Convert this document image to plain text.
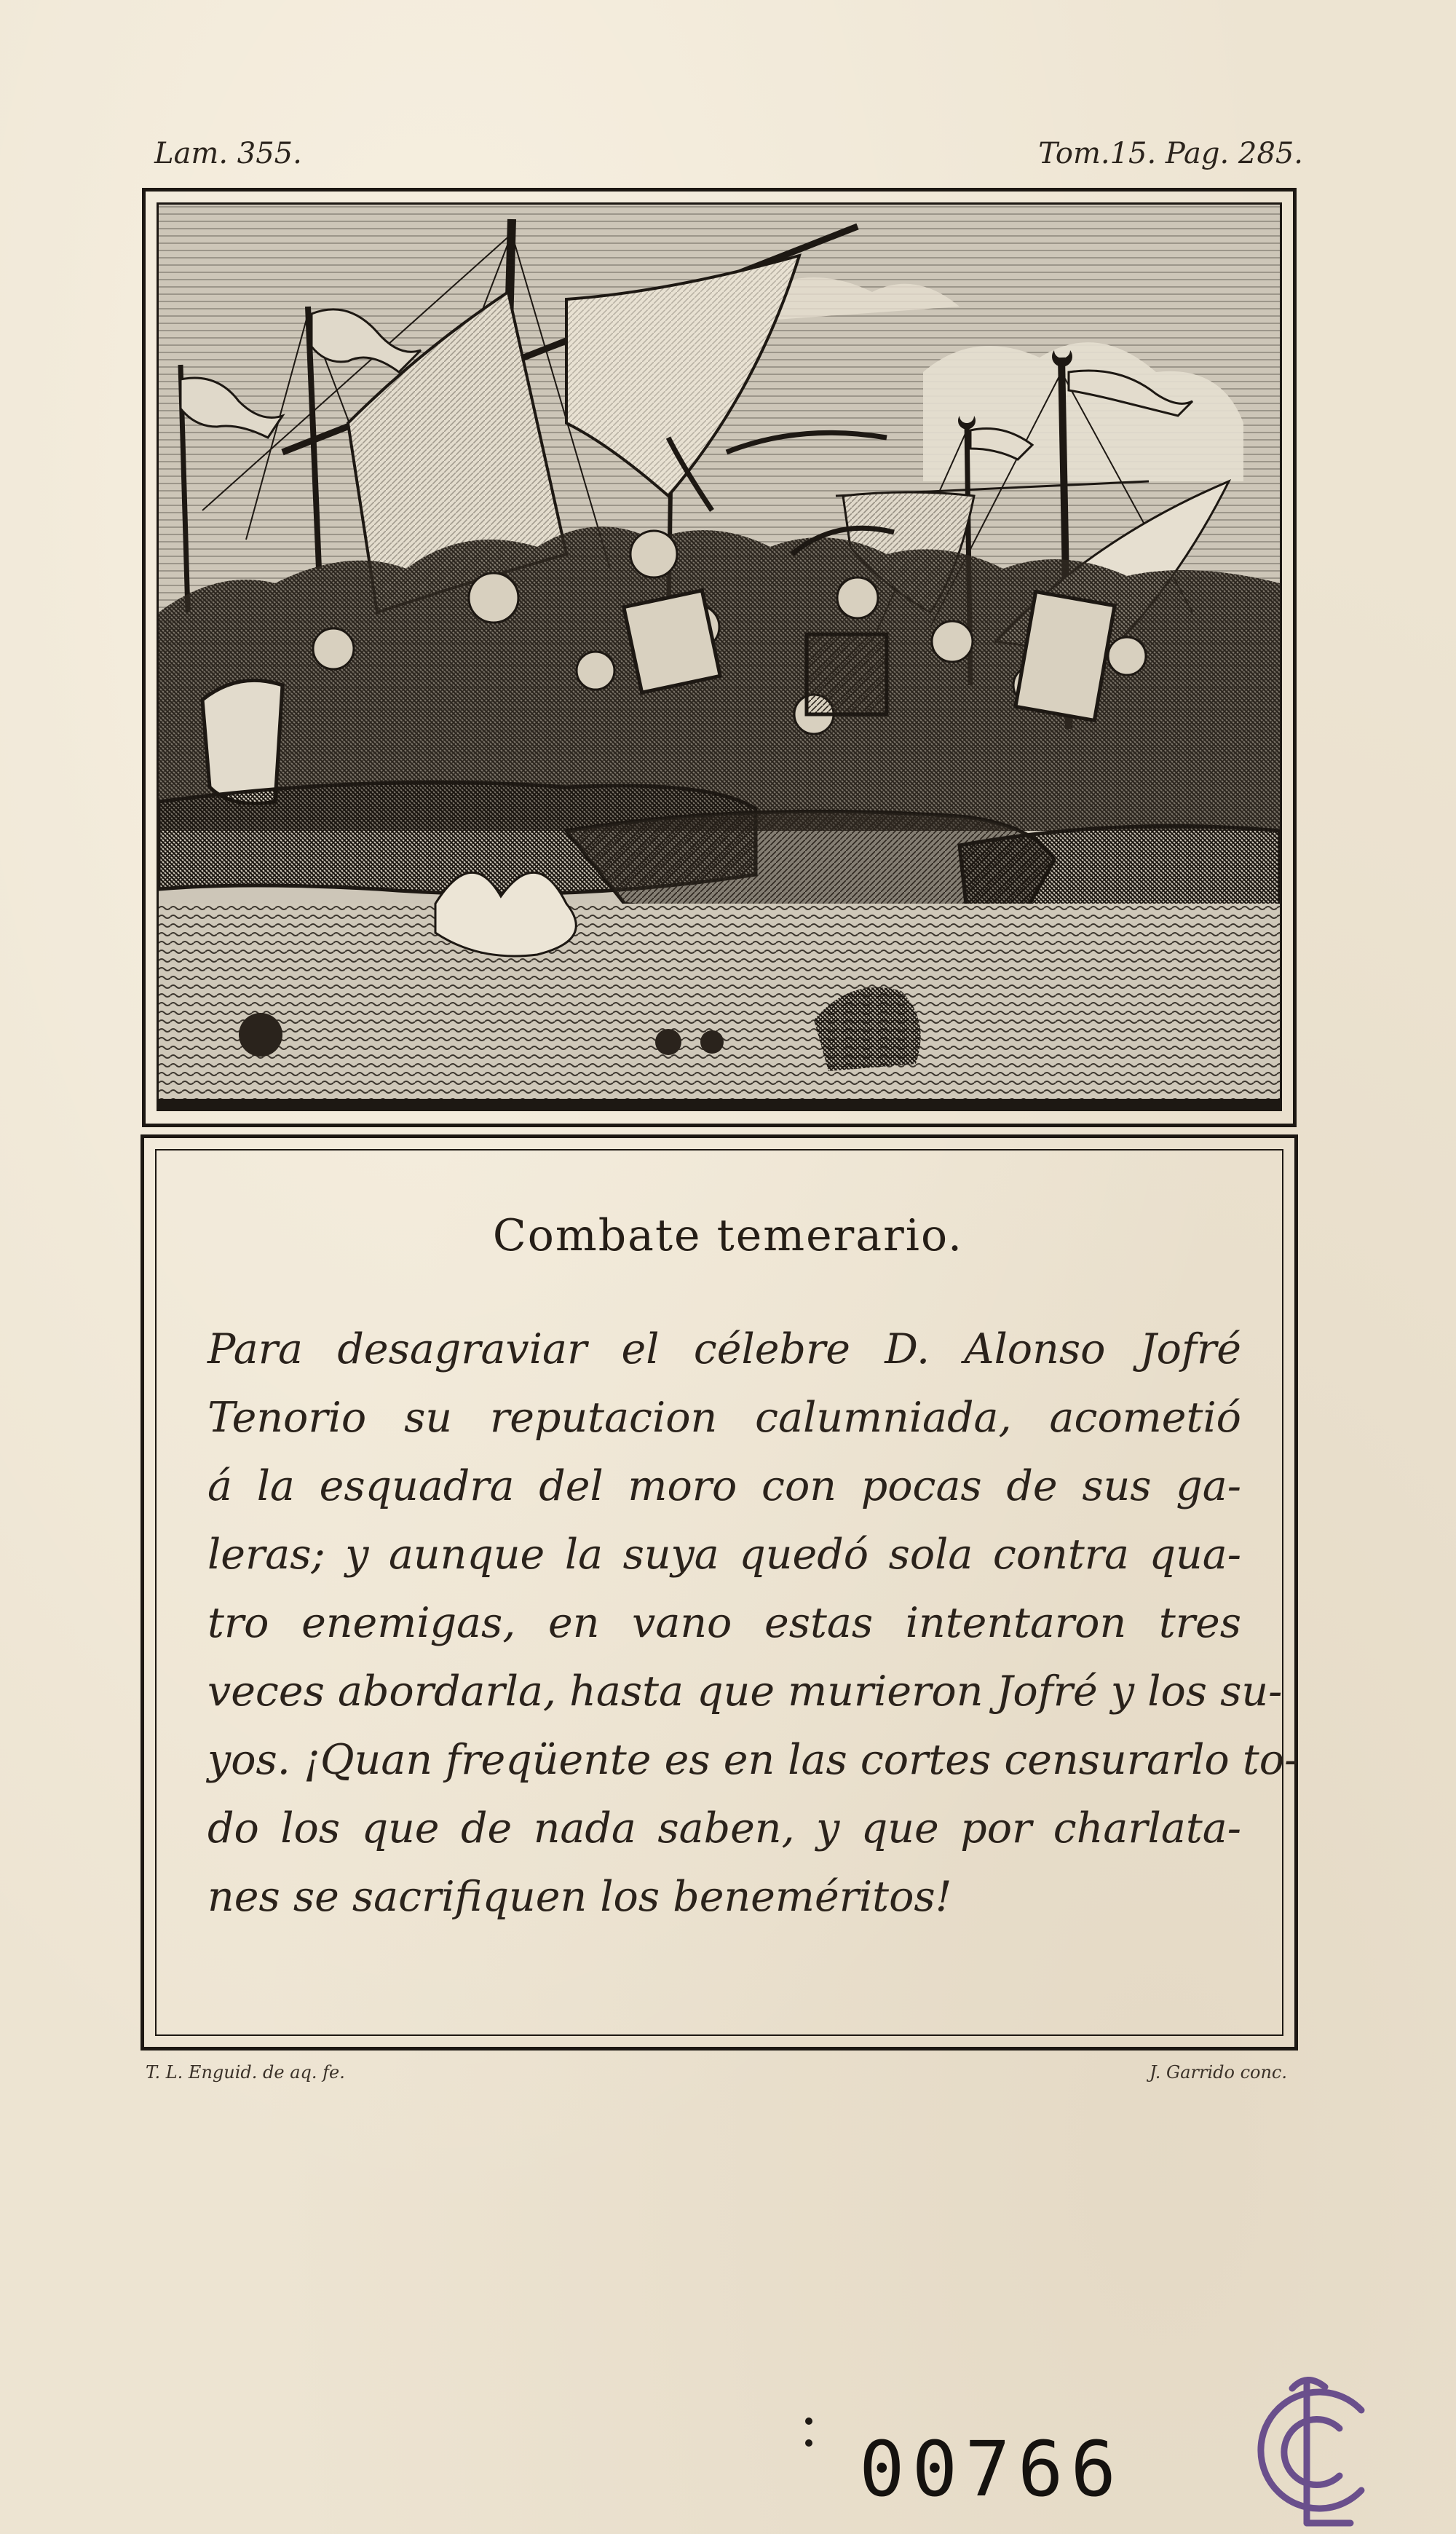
Lam. 355.	Tom.15. Pag. 285.
Combate temerario.
Para desagraviar el célebre D. Alonso Jofré
Tenorio su reputacion calumniada, acometió
á la esquadra del moro con pocas de sus ga-
leras; y aunque la suya quedó sola contra qua-
tro enemigas, en vano estas intentaron tres
veces abordarla, hasta que murieron Jofré y los su-
yos. ¡Quan freqüente es en las cortes censurarlo to-
do los que de nada saben, y que por charlata-
nes se sacrifiquen los beneméritos!
T. L. Enguid. de aq. fe.	J. Garrido conc.
00766
